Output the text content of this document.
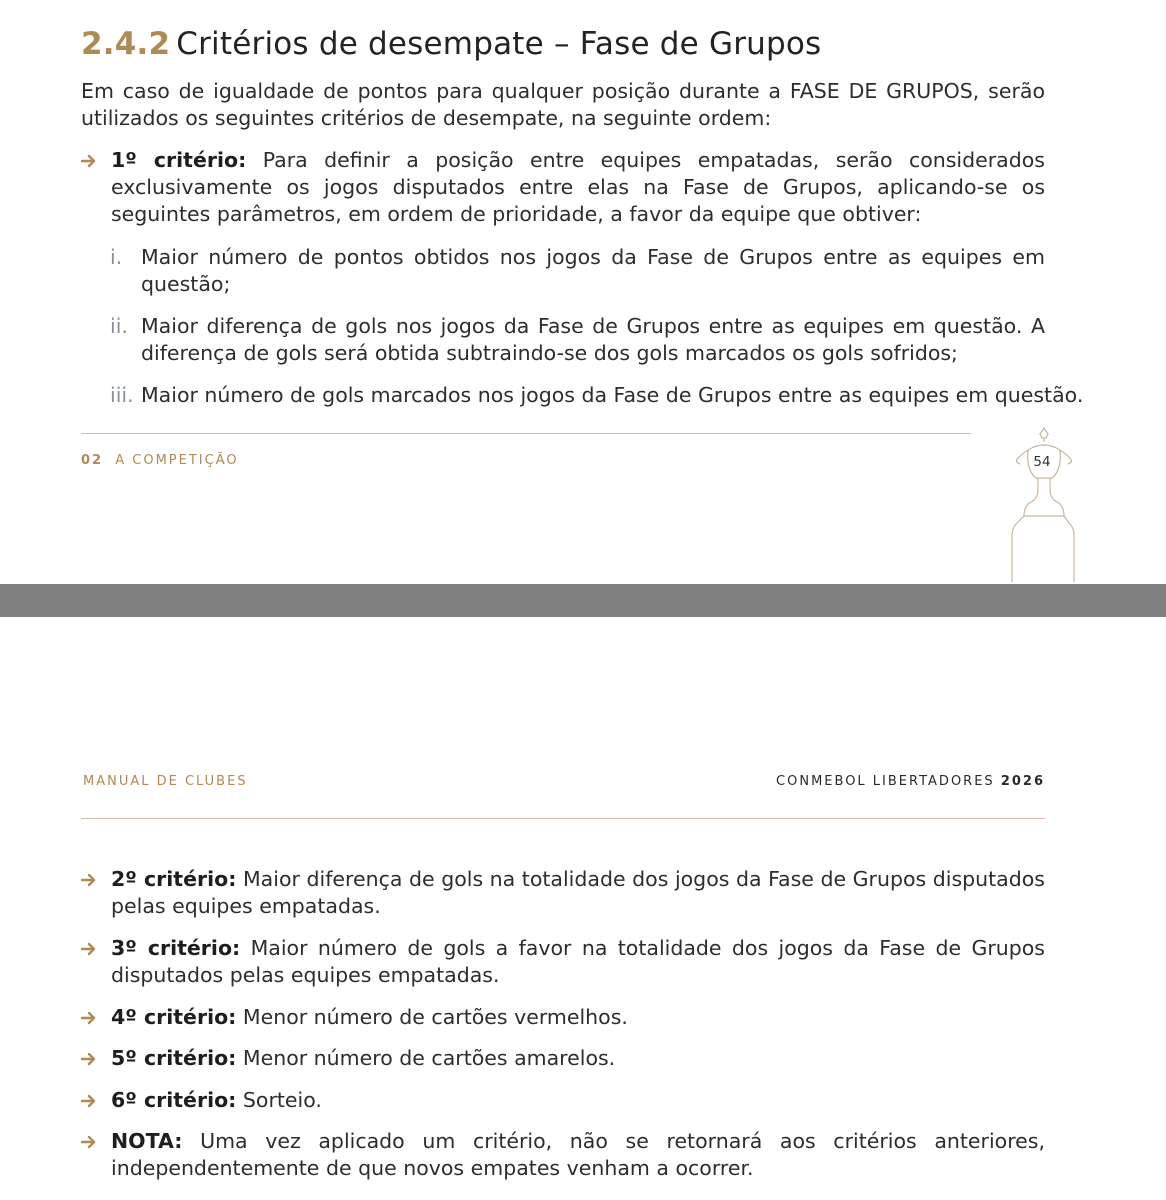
2.4.2 Critérios de desempate – Fase de Grupos

Em caso de igualdade de pontos para qualquer posição durante a FASE DE GRUPOS, serão utilizados os seguintes critérios de desempate, na seguinte ordem:

1º critério: Para definir a posição entre equipes empatadas, serão considerados exclusivamente os jogos disputados entre elas na Fase de Grupos, aplicando-se os seguintes parâmetros, em ordem de prioridade, a favor da equipe que obtiver:
i. Maior número de pontos obtidos nos jogos da Fase de Grupos entre as equipes em questão;
ii. Maior diferença de gols nos jogos da Fase de Grupos entre as equipes em questão. A diferença de gols será obtida subtraindo-se dos gols marcados os gols sofridos;
iii. Maior número de gols marcados nos jogos da Fase de Grupos entre as equipes em questão.
02 A COMPETIÇÃO	54
MANUAL DE CLUBES	CONMEBOL LIBERTADORES 2026
2º critério: Maior diferença de gols na totalidade dos jogos da Fase de Grupos disputados pelas equipes empatadas.
3º critério: Maior número de gols a favor na totalidade dos jogos da Fase de Grupos disputados pelas equipes empatadas.
4º critério: Menor número de cartões vermelhos.
5º critério: Menor número de cartões amarelos.
6º critério: Sorteio.
NOTA: Uma vez aplicado um critério, não se retornará aos critérios anteriores, independentemente de que novos empates venham a ocorrer.
